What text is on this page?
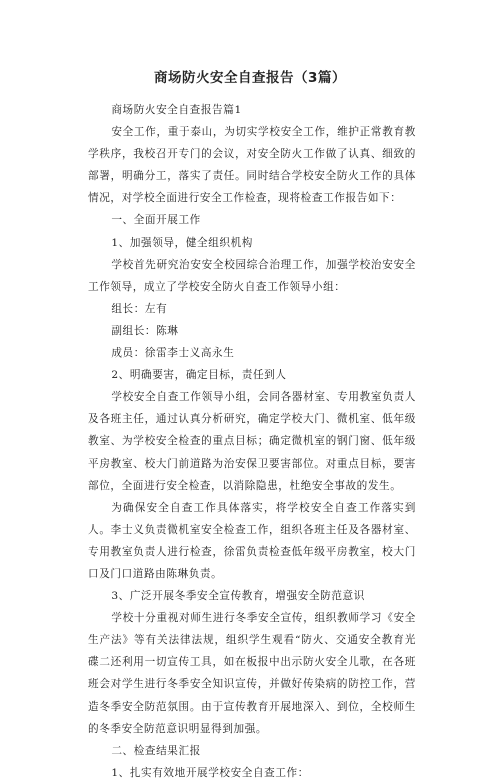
商场防火安全自查报告（3篇）

商场防火安全自查报告篇1

安全工作，重于泰山，为切实学校安全工作，维护正常教育教学秩序，我校召开专门的会议，对安全防火工作做了认真、细致的部署，明确分工，落实了责任。同时结合学校安全防火工作的具体情况，对学校全面进行安全工作检查，现将检查工作报告如下：

一、全面开展工作

1、加强领导，健全组织机构

学校首先研究治安安全校园综合治理工作，加强学校治安安全工作领导，成立了学校安全防火自查工作领导小组：

组长：左有

副组长：陈琳

成员：徐雷李士义高永生

2、明确要害，确定目标，责任到人

学校安全自查工作领导小组，会同各器材室、专用教室负责人及各班主任，通过认真分析研究，确定学校大门、微机室、低年级教室、为学校安全检查的重点目标；确定微机室的钢门窗、低年级平房教室、校大门前道路为治安保卫要害部位。对重点目标，要害部位，全面进行安全检查，以消除隐患，杜绝安全事故的发生。

为确保安全自查工作具体落实，将学校安全自查工作落实到人。李士义负责微机室安全检查工作，组织各班主任及各器材室、专用教室负责人进行检查，徐雷负责检查低年级平房教室，校大门口及门口道路由陈琳负责。

3、广泛开展冬季安全宣传教育，增强安全防范意识

学校十分重视对师生进行冬季安全宣传，组织教师学习《安全生产法》等有关法律法规，组织学生观看“防火、交通安全教育光碟二还利用一切宣传工具，如在板报中出示防火安全儿歌，在各班班会对学生进行冬季安全知识宣传，并做好传染病的防控工作，营造冬季安全防范氛围。由于宣传教育开展地深入、到位，全校师生的冬季安全防范意识明显得到加强。

二、检查结果汇报

1、扎实有效地开展学校安全自查工作：
